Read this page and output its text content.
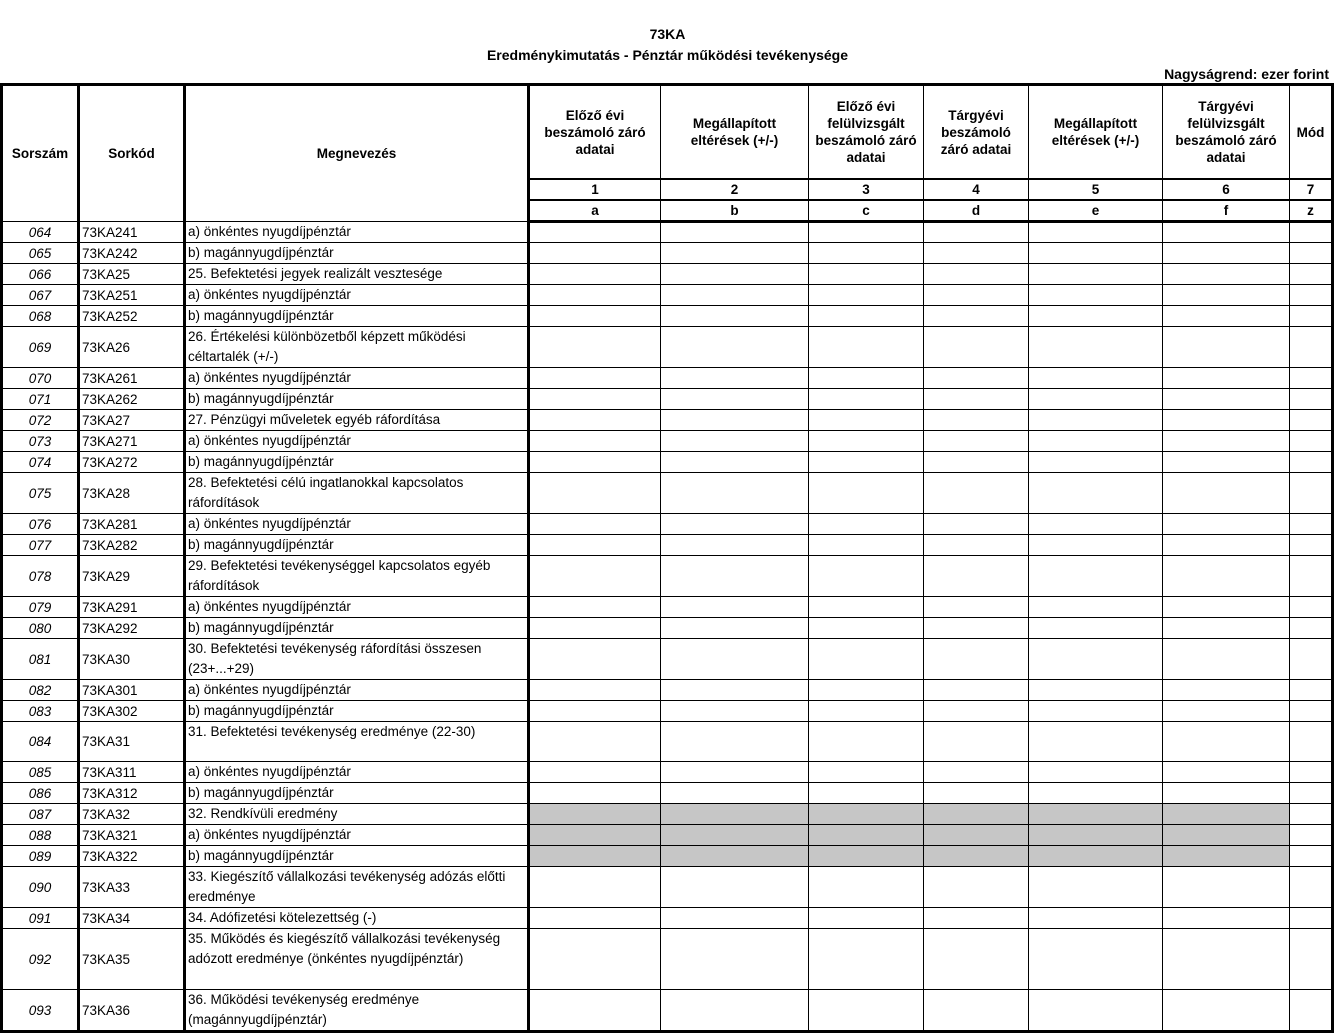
73KA
Eredménykimutatás - Pénztár működési tevékenysége
Nagyságrend: ezer forint
Sorszám	Sorkód	Megnevezés	Előző évi beszámoló záró adatai	Megállapított eltérések (+/-)	Előző évi felülvizsgált beszámoló záró adatai	Tárgyévi beszámoló záró adatai	Megállapított eltérések (+/-)	Tárgyévi felülvizsgált beszámoló záró adatai	Mód
			1	2	3	4	5	6	7
			a	b	c	d	e	f	z
064	73KA241	a) önkéntes nyugdíjpénztár							
065	73KA242	b) magánnyugdíjpénztár							
066	73KA25	25. Befektetési jegyek realizált vesztesége							
067	73KA251	a) önkéntes nyugdíjpénztár							
068	73KA252	b) magánnyugdíjpénztár							
069	73KA26	26. Értékelési különbözetből képzett működési céltartalék (+/-)							
070	73KA261	a) önkéntes nyugdíjpénztár							
071	73KA262	b) magánnyugdíjpénztár							
072	73KA27	27. Pénzügyi műveletek egyéb ráfordítása							
073	73KA271	a) önkéntes nyugdíjpénztár							
074	73KA272	b) magánnyugdíjpénztár							
075	73KA28	28. Befektetési célú ingatlanokkal kapcsolatos ráfordítások							
076	73KA281	a) önkéntes nyugdíjpénztár							
077	73KA282	b) magánnyugdíjpénztár							
078	73KA29	29. Befektetési tevékenységgel kapcsolatos egyéb ráfordítások							
079	73KA291	a) önkéntes nyugdíjpénztár							
080	73KA292	b) magánnyugdíjpénztár							
081	73KA30	30. Befektetési tevékenység ráfordítási összesen (23+...+29)							
082	73KA301	a) önkéntes nyugdíjpénztár							
083	73KA302	b) magánnyugdíjpénztár							
084	73KA31	31. Befektetési tevékenység eredménye (22-30)							
085	73KA311	a) önkéntes nyugdíjpénztár							
086	73KA312	b) magánnyugdíjpénztár							
087	73KA32	32. Rendkívüli eredmény							
088	73KA321	a) önkéntes nyugdíjpénztár							
089	73KA322	b) magánnyugdíjpénztár							
090	73KA33	33. Kiegészítő vállalkozási tevékenység adózás előtti eredménye							
091	73KA34	34. Adófizetési kötelezettség (-)							
092	73KA35	35. Működés és kiegészítő vállalkozási tevékenység adózott eredménye (önkéntes nyugdíjpénztár)							
093	73KA36	36. Működési tevékenység eredménye (magánnyugdíjpénztár)							
